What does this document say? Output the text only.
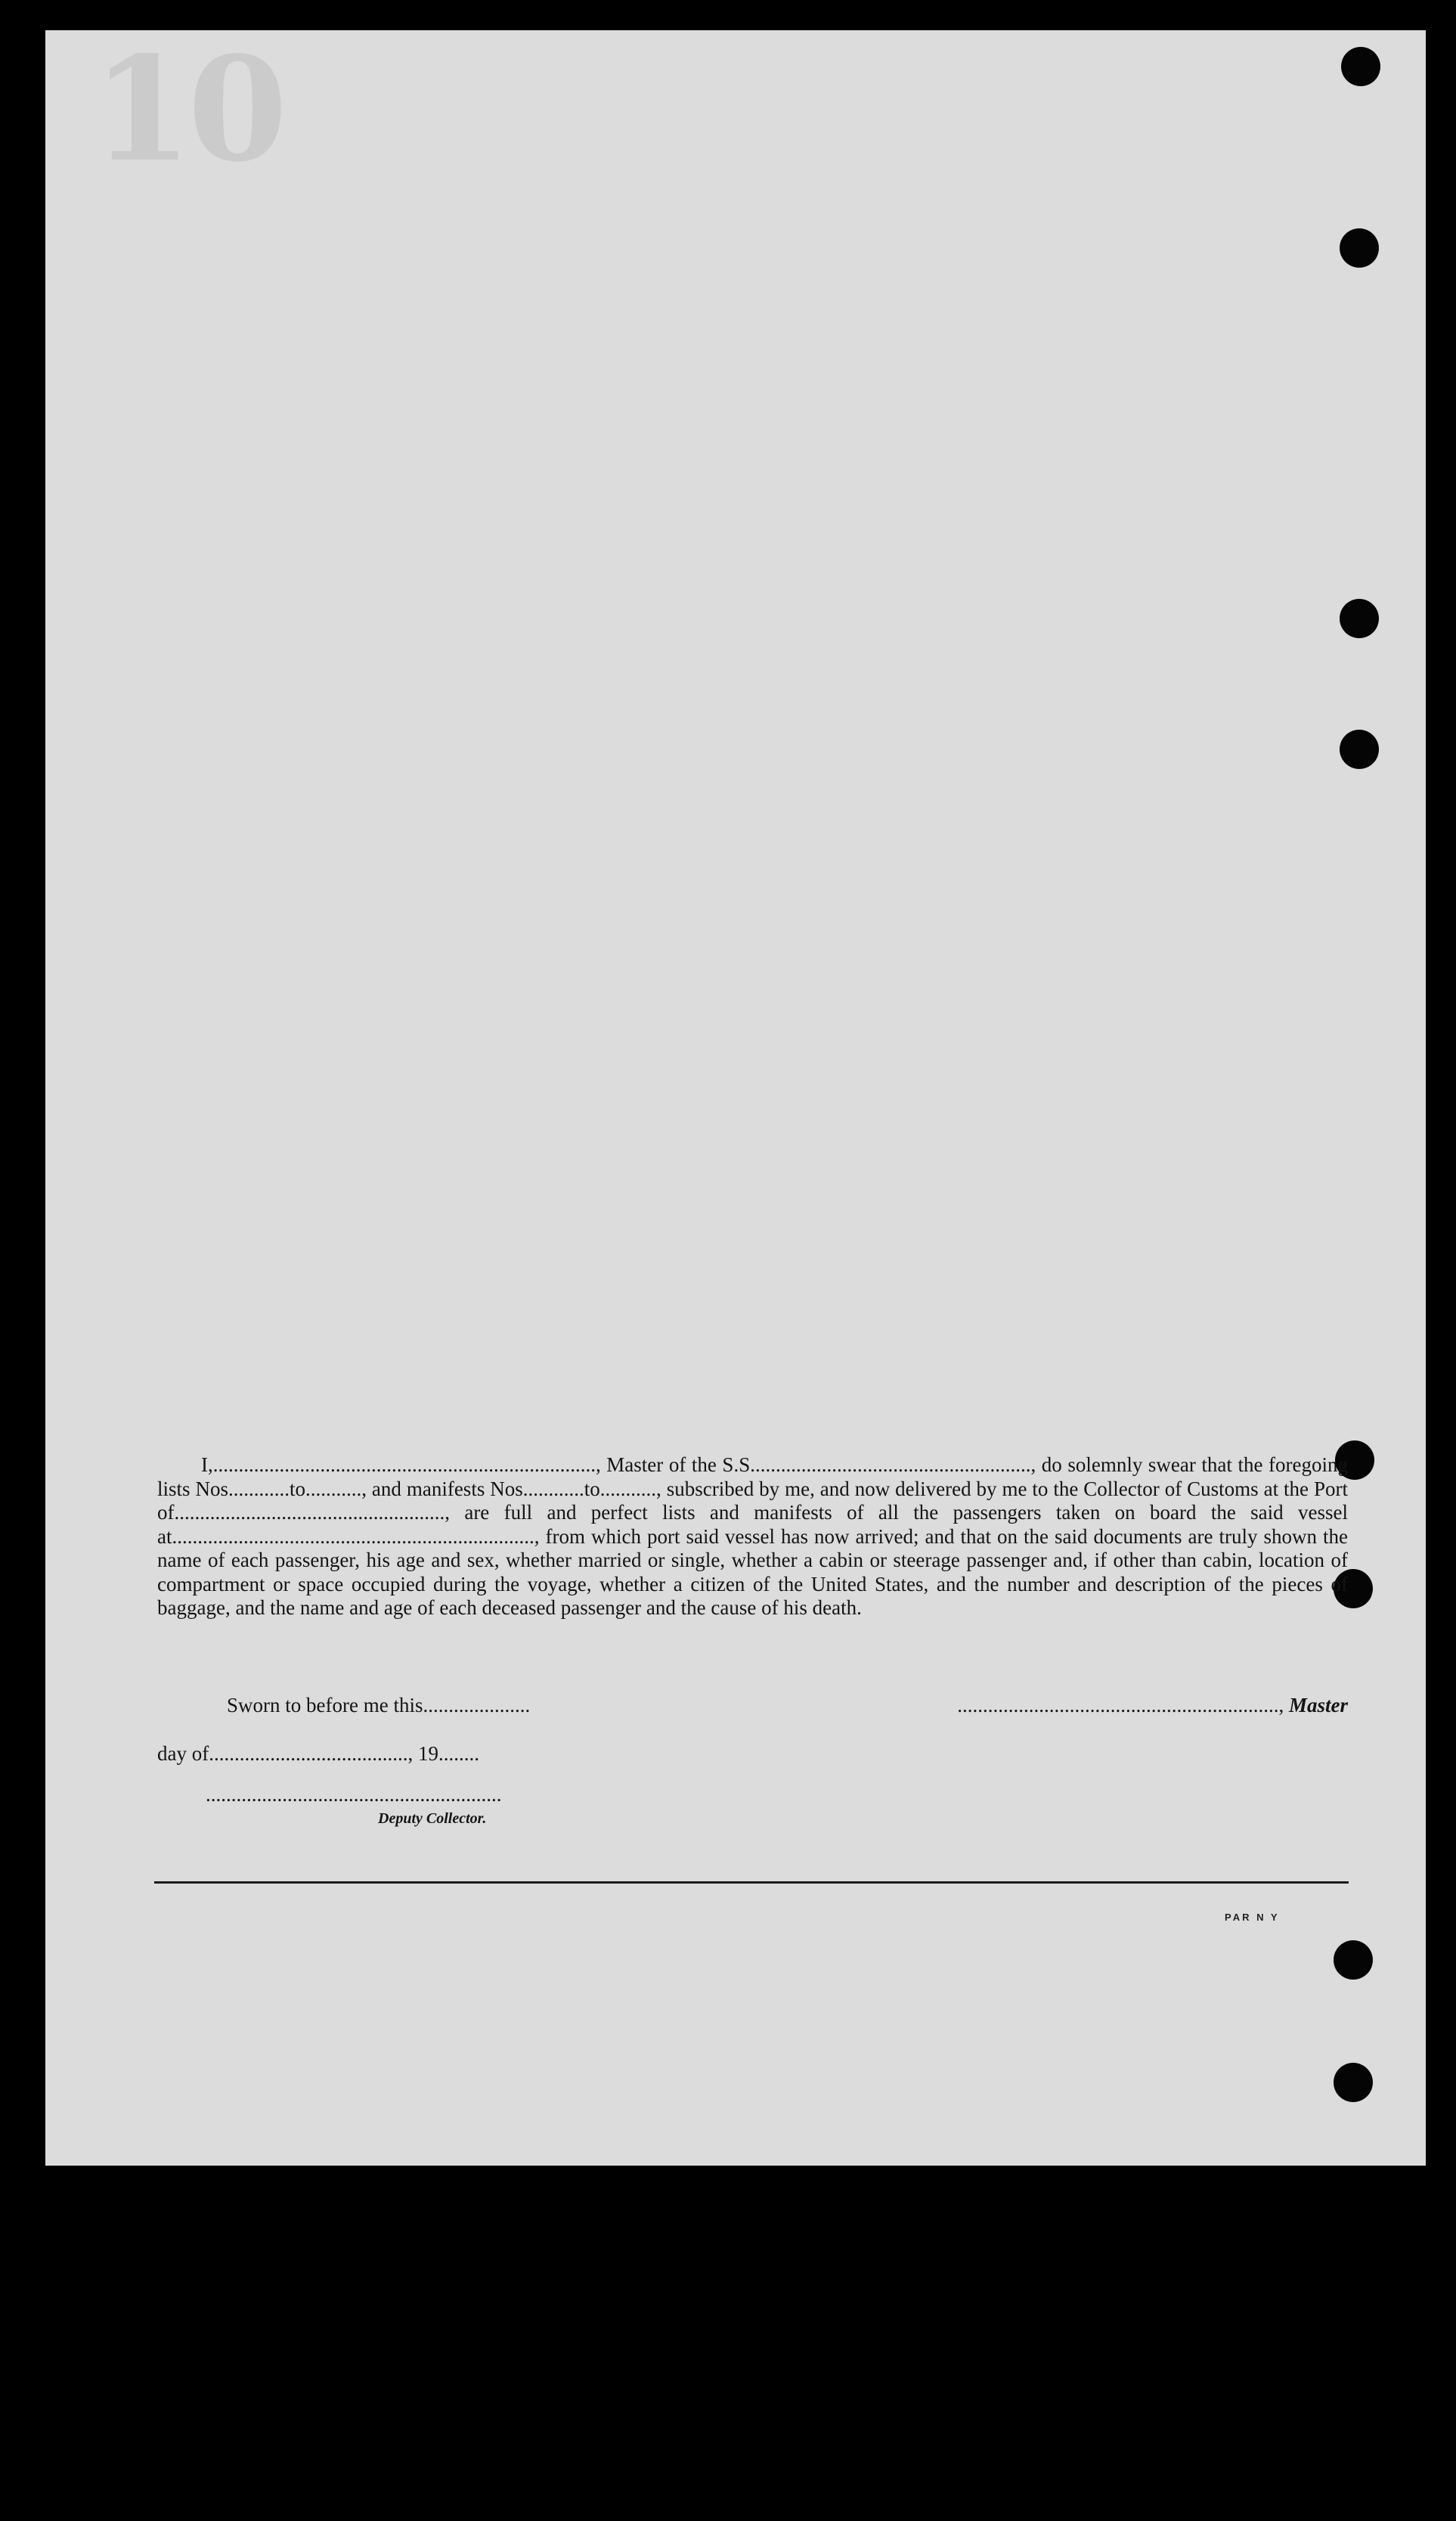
10

I,..........................................................................., Master of the S.S......................................................., do solemnly swear that the foregoing lists Nos............to..........., and manifests Nos............to..........., subscribed by me, and now delivered by me to the Collector of Customs at the Port of....................................................., are full and perfect lists and manifests of all the passengers taken on board the said vessel at......................................................................., from which port said vessel has now arrived; and that on the said documents are truly shown the name of each passenger, his age and sex, whether married or single, whether a cabin or steerage passenger and, if other than cabin, location of compartment or space occupied during the voyage, whether a citizen of the United States, and the number and description of the pieces of baggage, and the name and age of each deceased passenger and the cause of his death.

Sworn to before me this.....................	..............................................................., Master
day of......................................., 19........
..........................................................
Deputy Collector.
PAR N Y
